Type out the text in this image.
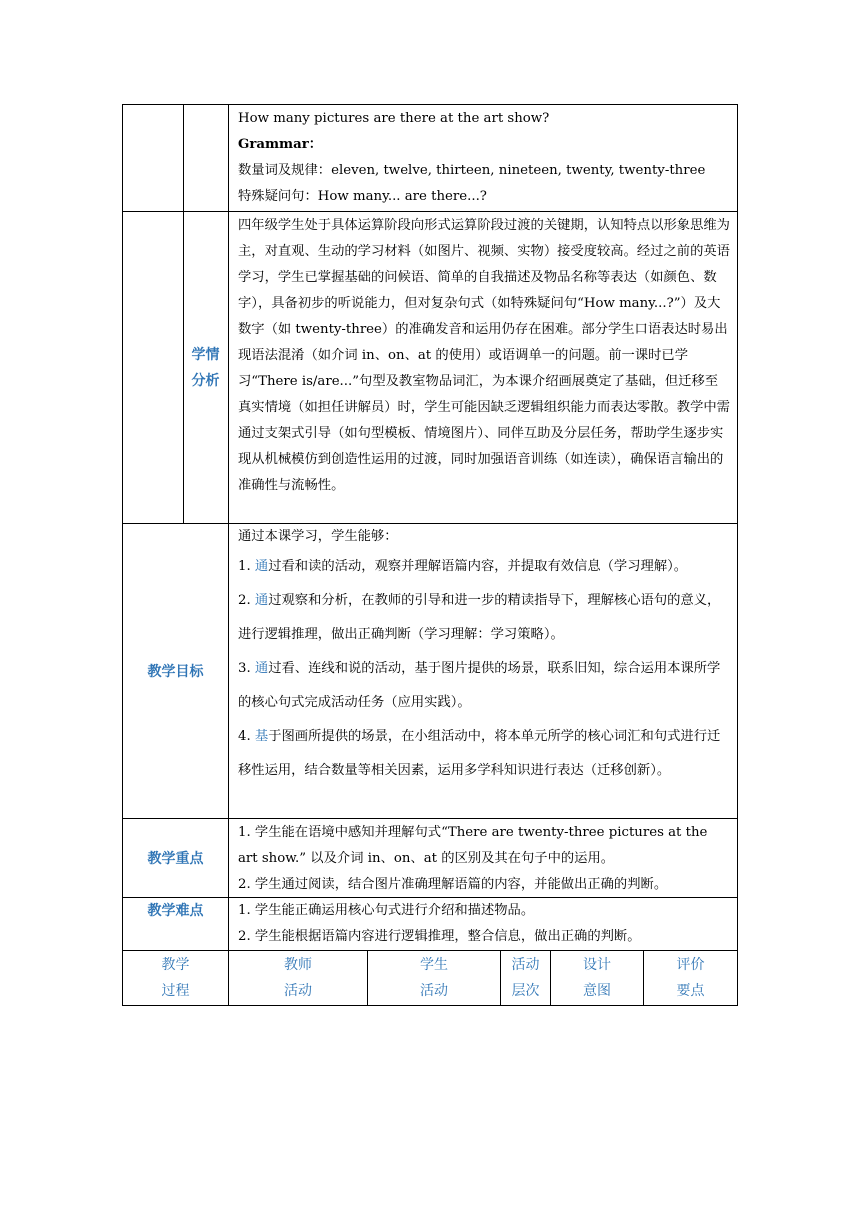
How many pictures are there at the art show?

Grammar：

数量词及规律：eleven, twelve, thirteen, nineteen, twenty, twenty-three

特殊疑问句：How many... are there...?

学情
分析

四年级学生处于具体运算阶段向形式运算阶段过渡的关键期，认知特点以形象思维为主，对直观、生动的学习材料（如图片、视频、实物）接受度较高。经过之前的英语学习，学生已掌握基础的问候语、简单的自我描述及物品名称等表达（如颜色、数字），具备初步的听说能力，但对复杂句式（如特殊疑问句“How many...?”）及大数字（如 twenty-three）的准确发音和运用仍存在困难。部分学生口语表达时易出现语法混淆（如介词 in、on、at 的使用）或语调单一的问题。前一课时已学习“There is/are...”句型及教室物品词汇，为本课介绍画展奠定了基础，但迁移至真实情境（如担任讲解员）时，学生可能因缺乏逻辑组织能力而表达零散。教学中需通过支架式引导（如句型模板、情境图片）、同伴互助及分层任务，帮助学生逐步实现从机械模仿到创造性运用的过渡，同时加强语音训练（如连读），确保语言输出的准确性与流畅性。

教学目标

通过本课学习，学生能够：

1. 通过看和读的活动，观察并理解语篇内容，并提取有效信息（学习理解）。

2. 通过观察和分析，在教师的引导和进一步的精读指导下，理解核心语句的意义，进行逻辑推理，做出正确判断（学习理解：学习策略）。

3. 通过看、连线和说的活动，基于图片提供的场景，联系旧知，综合运用本课所学的核心句式完成活动任务（应用实践）。

4. 基于图画所提供的场景，在小组活动中，将本单元所学的核心词汇和句式进行迁移性运用，结合数量等相关因素，运用多学科知识进行表达（迁移创新）。

教学重点

1. 学生能在语境中感知并理解句式“There are twenty-three pictures at the art show.” 以及介词 in、on、at 的区别及其在句子中的运用。

2. 学生通过阅读，结合图片准确理解语篇的内容，并能做出正确的判断。

教学难点	1. 学生能正确运用核心句式进行介绍和描述物品。

2. 学生能根据语篇内容进行逻辑推理，整合信息，做出正确的判断。

教学
过程
教师
活动
学生
活动
活动
层次
设计
意图
评价
要点
